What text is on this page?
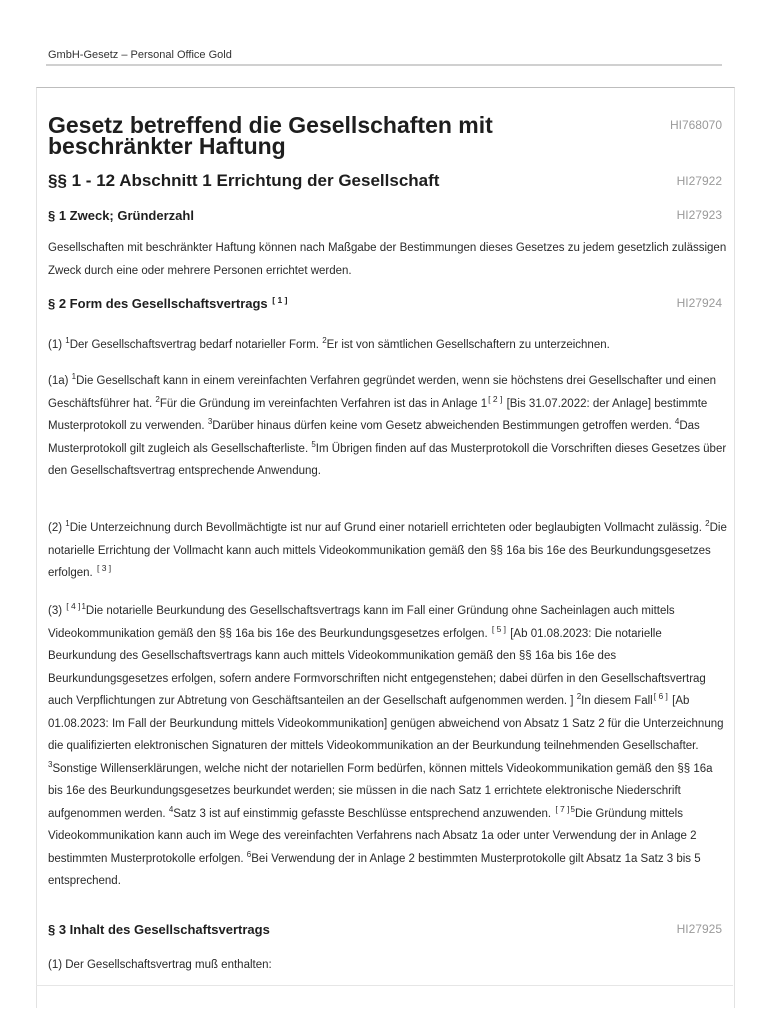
GmbH-Gesetz – Personal Office Gold
Gesetz betreffend die Gesellschaften mit beschränkter Haftung
HI768070
§§ 1 - 12 Abschnitt 1 Errichtung der Gesellschaft	HI27922
§ 1 Zweck; Gründerzahl	HI27923

Gesellschaften mit beschränkter Haftung können nach Maßgabe der Bestimmungen dieses Gesetzes zu jedem gesetzlich zulässigen Zweck durch eine oder mehrere Personen errichtet werden.

§ 2 Form des Gesellschaftsvertrags [ 1 ]	HI27924

(1) $^1$Der Gesellschaftsvertrag bedarf notarieller Form. $^2$Er ist von sämtlichen Gesellschaftern zu unterzeichnen.

(1a) $^1$Die Gesellschaft kann in einem vereinfachten Verfahren gegründet werden, wenn sie höchstens drei Gesellschafter und einen Geschäftsführer hat. $^2$Für die Gründung im vereinfachten Verfahren ist das in Anlage 1[ 2 ] [Bis 31.07.2022: der Anlage] bestimmte Musterprotokoll zu verwenden. $^3$Darüber hinaus dürfen keine vom Gesetz abweichenden Bestimmungen getroffen werden. $^4$Das Musterprotokoll gilt zugleich als Gesellschafterliste. $^5$Im Übrigen finden auf das Musterprotokoll die Vorschriften dieses Gesetzes über den Gesellschaftsvertrag entsprechende Anwendung.

(2) $^1$Die Unterzeichnung durch Bevollmächtigte ist nur auf Grund einer notariell errichteten oder beglaubigten Vollmacht zulässig. $^2$Die notarielle Errichtung der Vollmacht kann auch mittels Videokommunikation gemäß den §§ 16a bis 16e des Beurkundungsgesetzes erfolgen. [ 3 ]

(3) $^{[ 4 ]1}$Die notarielle Beurkundung des Gesellschaftsvertrags kann im Fall einer Gründung ohne Sacheinlagen auch mittels Videokommunikation gemäß den §§ 16a bis 16e des Beurkundungsgesetzes erfolgen. [ 5 ] [Ab 01.08.2023: Die notarielle Beurkundung des Gesellschaftsvertrags kann auch mittels Videokommunikation gemäß den §§ 16a bis 16e des Beurkundungsgesetzes erfolgen, sofern andere Formvorschriften nicht entgegenstehen; dabei dürfen in den Gesellschaftsvertrag auch Verpflichtungen zur Abtretung von Geschäftsanteilen an der Gesellschaft aufgenommen werden. ] $^2$In diesem Fall[ 6 ] [Ab 01.08.2023: Im Fall der Beurkundung mittels Videokommunikation] genügen abweichend von Absatz 1 Satz 2 für die Unterzeichnung die qualifizierten elektronischen Signaturen der mittels Videokommunikation an der Beurkundung teilnehmenden Gesellschafter. $^3$Sonstige Willenserklärungen, welche nicht der notariellen Form bedürfen, können mittels Videokommunikation gemäß den §§ 16a bis 16e des Beurkundungsgesetzes beurkundet werden; sie müssen in die nach Satz 1 errichtete elektronische Niederschrift aufgenommen werden. $^4$Satz 3 ist auf einstimmig gefasste Beschlüsse entsprechend anzuwenden. $^{[ 7 ]5}$Die Gründung mittels Videokommunikation kann auch im Wege des vereinfachten Verfahrens nach Absatz 1a oder unter Verwendung der in Anlage 2 bestimmten Musterprotokolle erfolgen. $^6$Bei Verwendung der in Anlage 2 bestimmten Musterprotokolle gilt Absatz 1a Satz 3 bis 5 entsprechend.

§ 3 Inhalt des Gesellschaftsvertrags	HI27925

(1) Der Gesellschaftsvertrag muß enthalten:
